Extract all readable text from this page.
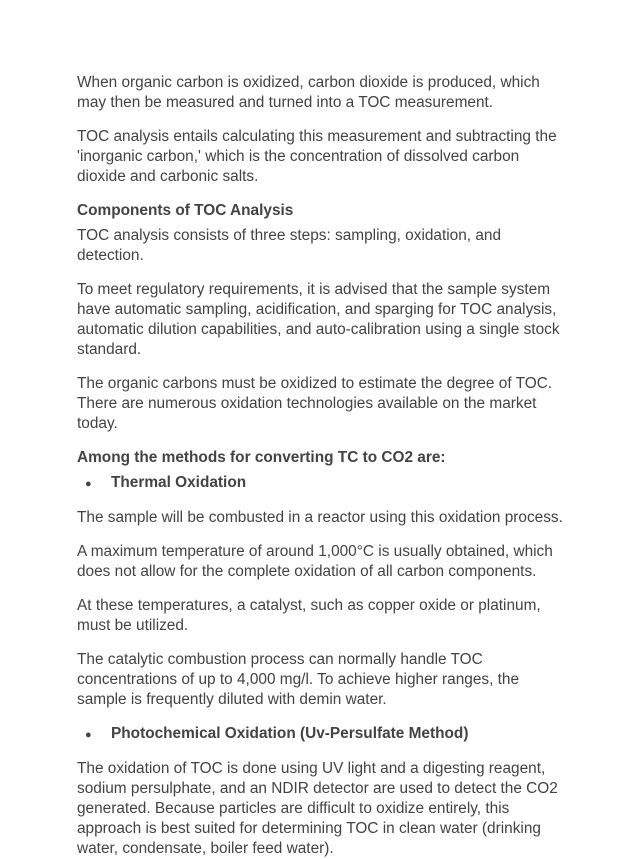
When organic carbon is oxidized, carbon dioxide is produced, which may then be measured and turned into a TOC measurement.

TOC analysis entails calculating this measurement and subtracting the 'inorganic carbon,' which is the concentration of dissolved carbon dioxide and carbonic salts.

Components of TOC Analysis

TOC analysis consists of three steps: sampling, oxidation, and detection.

To meet regulatory requirements, it is advised that the sample system have automatic sampling, acidification, and sparging for TOC analysis, automatic dilution capabilities, and auto-calibration using a single stock standard.

The organic carbons must be oxidized to estimate the degree of TOC. There are numerous oxidation technologies available on the market today.

Among the methods for converting TC to CO2 are:
●	Thermal Oxidation

The sample will be combusted in a reactor using this oxidation process.

A maximum temperature of around 1,000°C is usually obtained, which does not allow for the complete oxidation of all carbon components.

At these temperatures, a catalyst, such as copper oxide or platinum, must be utilized.

The catalytic combustion process can normally handle TOC concentrations of up to 4,000 mg/l. To achieve higher ranges, the sample is frequently diluted with demin water.

●	Photochemical Oxidation (Uv-Persulfate Method)

The oxidation of TOC is done using UV light and a digesting reagent, sodium persulphate, and an NDIR detector are used to detect the CO2 generated. Because particles are difficult to oxidize entirely, this approach is best suited for determining TOC in clean water (drinking water, condensate, boiler feed water).
